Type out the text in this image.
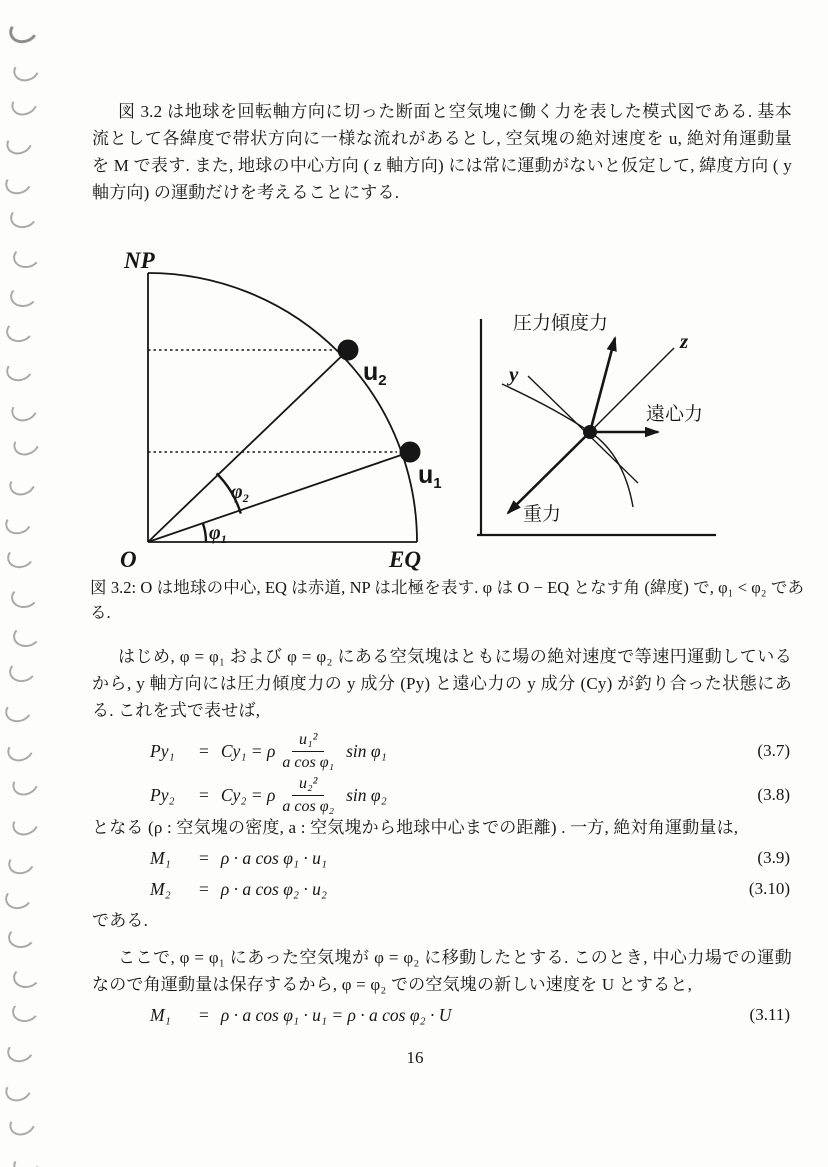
図 3.2 は地球を回転軸方向に切った断面と空気塊に働く力を表した模式図である. 基本流として各緯度で帯状方向に一様な流れがあるとし, 空気塊の絶対速度を u, 絶対角運動量を M で表す. また, 地球の中心方向 ( z 軸方向) には常に運動がないと仮定して, 緯度方向 ( y 軸方向) の運動だけを考えることにする.

NP
O	EQ
$u_2$
$u_1$
$\varphi_2$
$\varphi_1$
圧力傾度力
z
y
遠心力
重力

図 3.2: O は地球の中心, EQ は赤道, NP は北極を表す. φ は O − EQ となす角 (緯度) で, φ₁ < φ₂ である.

はじめ, φ = φ₁ および φ = φ₂ にある空気塊はともに場の絶対速度で等速円運動しているから, y 軸方向には圧力傾度力の y 成分 (Py) と遠心力の y 成分 (Cy) が釣り合った状態にある. これを式で表せば,

Py₁	= Cy₁ = ρ $\frac{\text{u₁²}}{\text{a cos φ₁}}$ sin φ₁	(3.7)
Py₂	= Cy₂ = ρ $\frac{\text{u₂²}}{\text{a cos φ₂}}$ sin φ₂	(3.8)

となる (ρ : 空気塊の密度, a : 空気塊から地球中心までの距離) . 一方, 絶対角運動量は,

M₁	= ρ · a cos φ₁ · u₁	(3.9)
M₂	= ρ · a cos φ₂ · u₂	(3.10)

である.

ここで, φ = φ₁ にあった空気塊が φ = φ₂ に移動したとする. このとき, 中心力場での運動なので角運動量は保存するから, φ = φ₂ での空気塊の新しい速度を U とすると,

M₁	= ρ · a cos φ₁ · u₁ = ρ · a cos φ₂ · U	(3.11)
16
